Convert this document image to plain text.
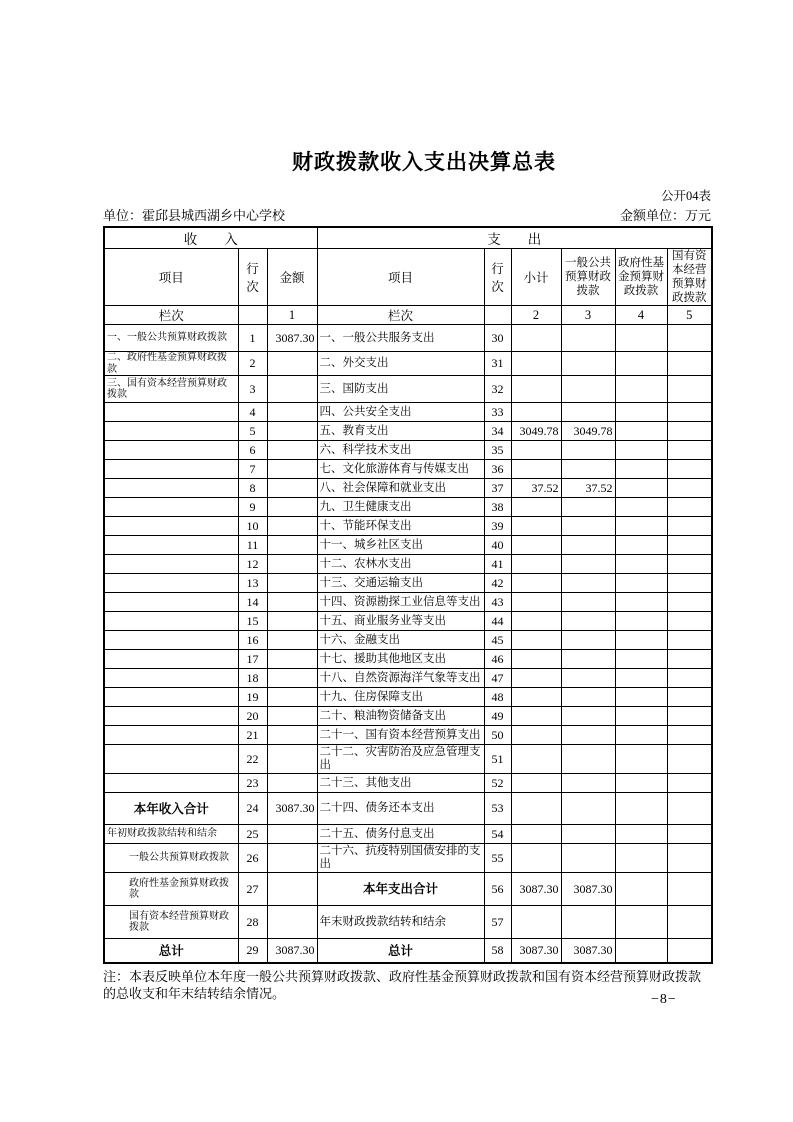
财政拨款收入支出决算总表
公开04表
单位：霍邱县城西湖乡中心学校	金额单位：万元
收　　入			支　　出					
项目	行次	金额	项目	行次	小计	一般公共预算财政拨款	政府性基金预算财政拨款	国有资本经营预算财政拨款
栏次		1	栏次		2	3	4	5
一、一般公共预算财政拨款	1	3087.30	一、一般公共服务支出	30				
二、政府性基金预算财政拨款	2		二、外交支出	31				
三、国有资本经营预算财政拨款	3		三、国防支出	32				
	4		四、公共安全支出	33				
	5		五、教育支出	34	3049.78	3049.78		
	6		六、科学技术支出	35				
	7		七、文化旅游体育与传媒支出	36				
	8		八、社会保障和就业支出	37	37.52	37.52		
	9		九、卫生健康支出	38				
	10		十、节能环保支出	39				
	11		十一、城乡社区支出	40				
	12		十二、农林水支出	41				
	13		十三、交通运输支出	42				
	14		十四、资源勘探工业信息等支出	43				
	15		十五、商业服务业等支出	44				
	16		十六、金融支出	45				
	17		十七、援助其他地区支出	46				
	18		十八、自然资源海洋气象等支出	47				
	19		十九、住房保障支出	48				
	20		二十、粮油物资储备支出	49				
	21		二十一、国有资本经营预算支出	50				
	22		二十二、灾害防治及应急管理支出	51				
	23		二十三、其他支出	52				
本年收入合计	24	3087.30	二十四、债务还本支出	53				
年初财政拨款结转和结余	25		二十五、债务付息支出	54				
一般公共预算财政拨款	26		二十六、抗疫特别国债安排的支出	55				
政府性基金预算财政拨款	27		本年支出合计	56	3087.30	3087.30		
国有资本经营预算财政拨款	28		年末财政拨款结转和结余	57				
总计	29	3087.30	总计	58	3087.30	3087.30		
注：本表反映单位本年度一般公共预算财政拨款、政府性基金预算财政拨款和国有资本经营预算财政拨款的总收支和年末结转结余情况。	−8−
